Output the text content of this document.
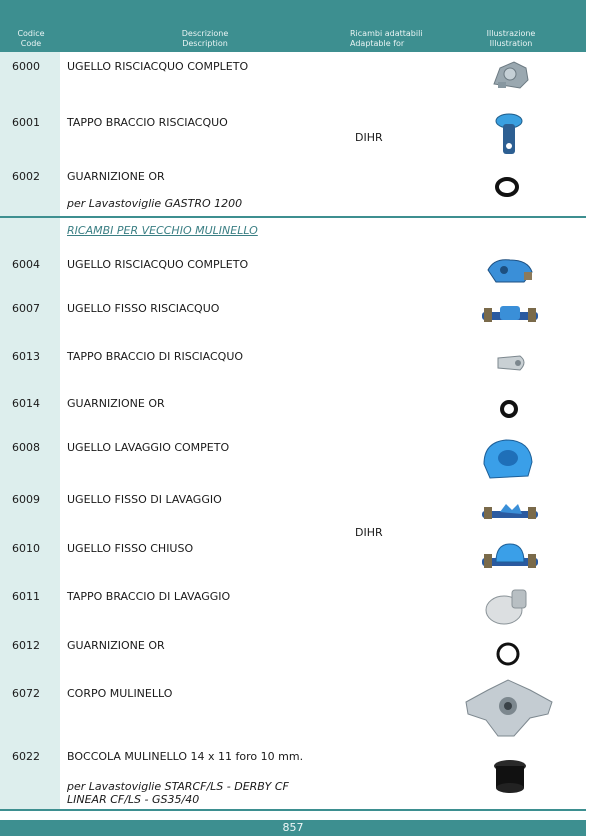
Codice
Code
Descrizione
Description
Ricambi adattabili
Adaptable for
Illustrazione
Illustration
6000 UGELLO RISCIACQUO COMPLETO
6001 TAPPO BRACCIO RISCIACQUO
DIHR
6002 GUARNIZIONE OR
per Lavastoviglie GASTRO 1200
RICAMBI PER VECCHIO MULINELLO
6004 UGELLO RISCIACQUO COMPLETO
6007 UGELLO FISSO RISCIACQUO
6013 TAPPO BRACCIO DI RISCIACQUO
6014 GUARNIZIONE OR
6008 UGELLO LAVAGGIO COMPETO
6009 UGELLO FISSO DI LAVAGGIO
DIHR
6010 UGELLO FISSO CHIUSO
6011 TAPPO BRACCIO DI LAVAGGIO
6012 GUARNIZIONE OR
6072 CORPO MULINELLO
6022 BOCCOLA MULINELLO 14 x 11 foro 10 mm.
per Lavastoviglie STARCF/LS - DERBY CF
LINEAR CF/LS - GS35/40
857
